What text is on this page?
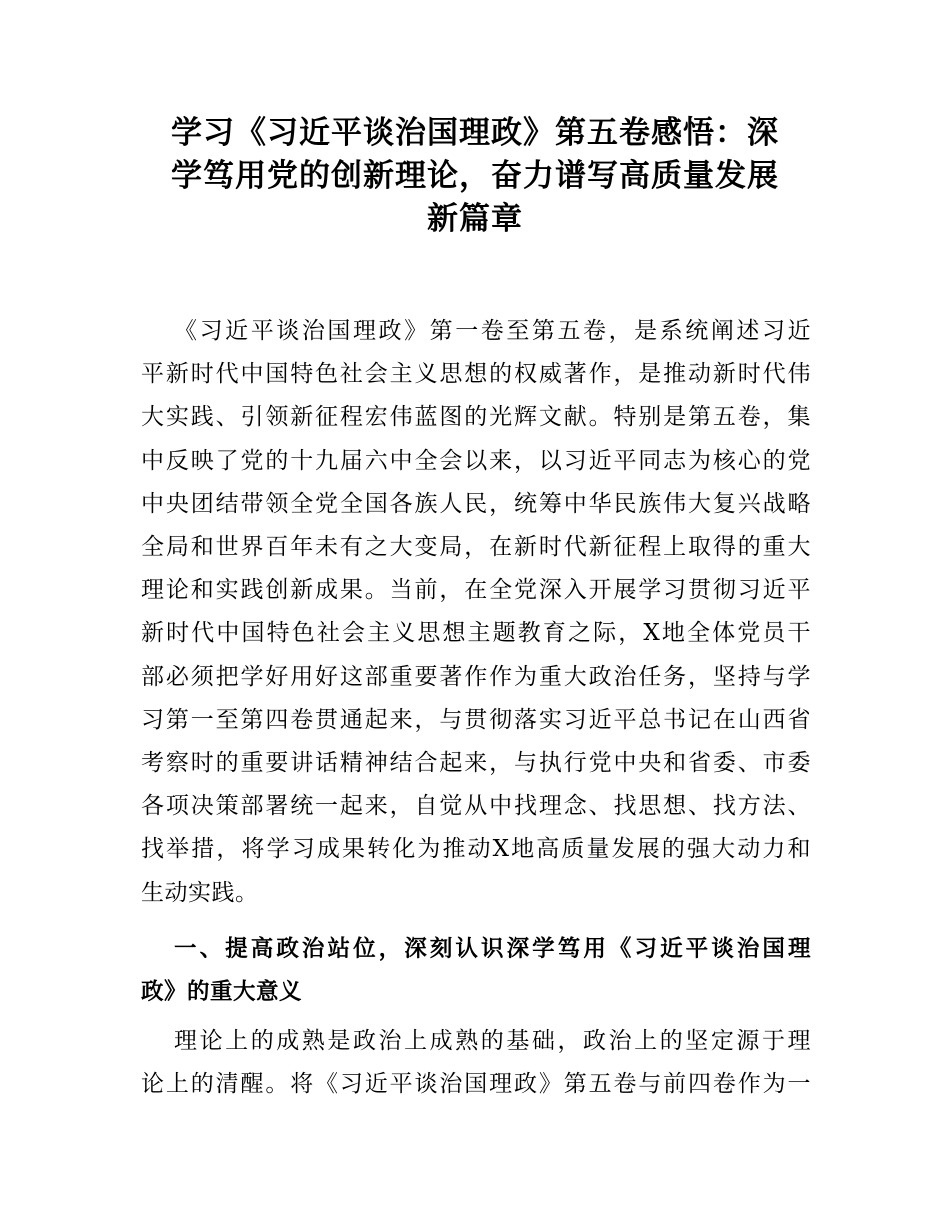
学习《习近平谈治国理政》第五卷感悟：深
学笃用党的创新理论，奋力谱写高质量发展
新篇章

《习近平谈治国理政》第一卷至第五卷，是系统阐述习近
平新时代中国特色社会主义思想的权威著作，是推动新时代伟
大实践、引领新征程宏伟蓝图的光辉文献。特别是第五卷，集
中反映了党的十九届六中全会以来，以习近平同志为核心的党
中央团结带领全党全国各族人民，统筹中华民族伟大复兴战略
全局和世界百年未有之大变局，在新时代新征程上取得的重大
理论和实践创新成果。当前，在全党深入开展学习贯彻习近平
新时代中国特色社会主义思想主题教育之际，X地全体党员干
部必须把学好用好这部重要著作作为重大政治任务，坚持与学
习第一至第四卷贯通起来，与贯彻落实习近平总书记在山西省
考察时的重要讲话精神结合起来，与执行党中央和省委、市委
各项决策部署统一起来，自觉从中找理念、找思想、找方法、
找举措，将学习成果转化为推动X地高质量发展的强大动力和
生动实践。

一、提高政治站位，深刻认识深学笃用《习近平谈治国理
政》的重大意义

理论上的成熟是政治上成熟的基础，政治上的坚定源于理
论上的清醒。将《习近平谈治国理政》第五卷与前四卷作为一
